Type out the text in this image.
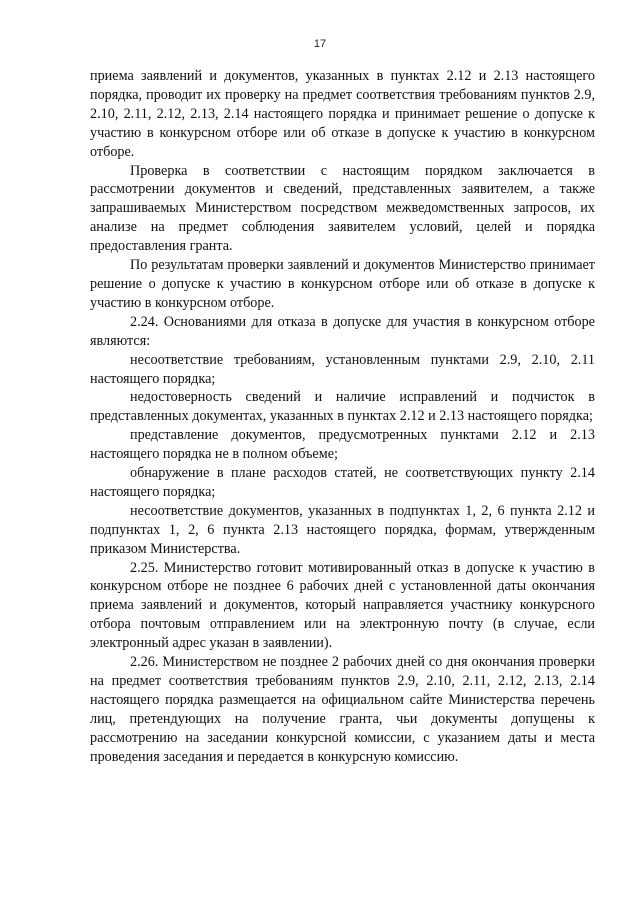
17

приема заявлений и документов, указанных в пунктах 2.12 и 2.13 настоящего порядка, проводит их проверку на предмет соответствия требованиям пунктов 2.9, 2.10, 2.11, 2.12, 2.13, 2.14 настоящего порядка и принимает решение о допуске к участию в конкурсном отборе или об отказе в допуске к участию в конкурсном отборе.

Проверка в соответствии с настоящим порядком заключается в рассмотрении документов и сведений, представленных заявителем, а также запрашиваемых Министерством посредством межведомственных запросов, их анализе на предмет соблюдения заявителем условий, целей и порядка предоставления гранта.

По результатам проверки заявлений и документов Министерство принимает решение о допуске к участию в конкурсном отборе или об отказе в допуске к участию в конкурсном отборе.

2.24. Основаниями для отказа в допуске для участия в конкурсном отборе являются:

несоответствие требованиям, установленным пунктами 2.9, 2.10, 2.11 настоящего порядка;

недостоверность сведений и наличие исправлений и подчисток в представленных документах, указанных в пунктах 2.12 и 2.13 настоящего порядка;

представление документов, предусмотренных пунктами 2.12 и 2.13 настоящего порядка не в полном объеме;

обнаружение в плане расходов статей, не соответствующих пункту 2.14 настоящего порядка;

несоответствие документов, указанных в подпунктах 1, 2, 6 пункта 2.12 и подпунктах 1, 2, 6 пункта 2.13 настоящего порядка, формам, утвержденным приказом Министерства.

2.25. Министерство готовит мотивированный отказ в допуске к участию в конкурсном отборе не позднее 6 рабочих дней с установленной даты окончания приема заявлений и документов, который направляется участнику конкурсного отбора почтовым отправлением или на электронную почту (в случае, если электронный адрес указан в заявлении).

2.26. Министерством не позднее 2 рабочих дней со дня окончания проверки на предмет соответствия требованиям пунктов 2.9, 2.10, 2.11, 2.12, 2.13, 2.14 настоящего порядка размещается на официальном сайте Министерства перечень лиц, претендующих на получение гранта, чьи документы допущены к рассмотрению на заседании конкурсной комиссии, с указанием даты и места проведения заседания и передается в конкурсную комиссию.
